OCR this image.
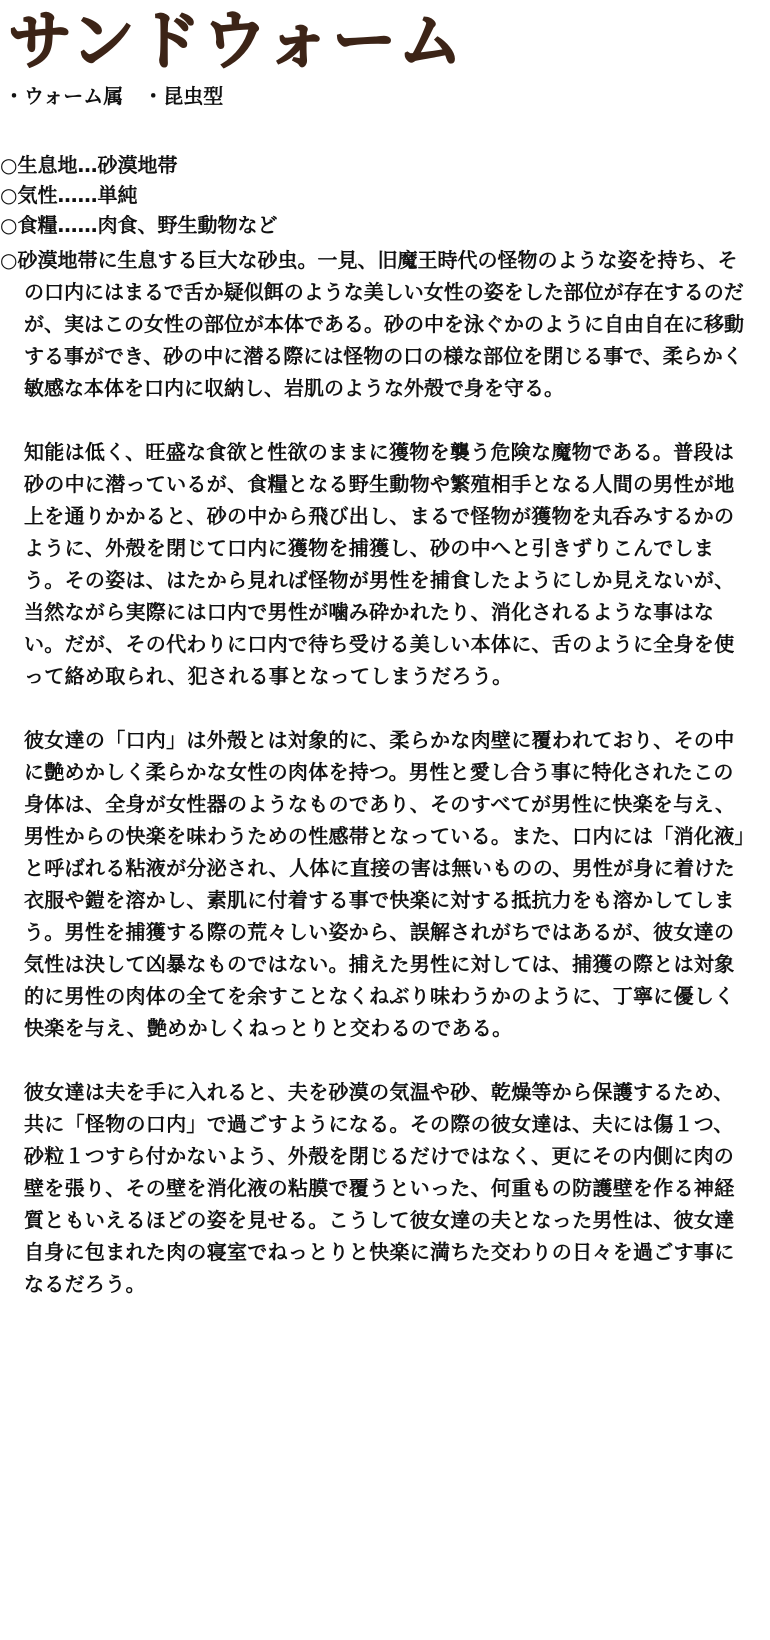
サンドウォーム
・ウォーム属　・昆虫型
○生息地…砂漠地帯
○気性……単純
○食糧……肉食、野生動物など

○砂漠地帯に生息する巨大な砂虫。一見、旧魔王時代の怪物のような姿を持ち、その口内にはまるで舌か疑似餌のような美しい女性の姿をした部位が存在するのだが、実はこの女性の部位が本体である。砂の中を泳ぐかのように自由自在に移動する事ができ、砂の中に潜る際には怪物の口の様な部位を閉じる事で、柔らかく敏感な本体を口内に収納し、岩肌のような外殻で身を守る。

知能は低く、旺盛な食欲と性欲のままに獲物を襲う危険な魔物である。普段は砂の中に潜っているが、食糧となる野生動物や繁殖相手となる人間の男性が地上を通りかかると、砂の中から飛び出し、まるで怪物が獲物を丸呑みするかのように、外殻を閉じて口内に獲物を捕獲し、砂の中へと引きずりこんでしまう。その姿は、はたから見れば怪物が男性を捕食したようにしか見えないが、当然ながら実際には口内で男性が噛み砕かれたり、消化されるような事はない。だが、その代わりに口内で待ち受ける美しい本体に、舌のように全身を使って絡め取られ、犯される事となってしまうだろう。

彼女達の「口内」は外殻とは対象的に、柔らかな肉壁に覆われており、その中に艶めかしく柔らかな女性の肉体を持つ。男性と愛し合う事に特化されたこの身体は、全身が女性器のようなものであり、そのすべてが男性に快楽を与え、男性からの快楽を味わうための性感帯となっている。また、口内には「消化液」と呼ばれる粘液が分泌され、人体に直接の害は無いものの、男性が身に着けた衣服や鎧を溶かし、素肌に付着する事で快楽に対する抵抗力をも溶かしてしまう。男性を捕獲する際の荒々しい姿から、誤解されがちではあるが、彼女達の気性は決して凶暴なものではない。捕えた男性に対しては、捕獲の際とは対象的に男性の肉体の全てを余すことなくねぶり味わうかのように、丁寧に優しく快楽を与え、艶めかしくねっとりと交わるのである。

彼女達は夫を手に入れると、夫を砂漠の気温や砂、乾燥等から保護するため、共に「怪物の口内」で過ごすようになる。その際の彼女達は、夫には傷１つ、砂粒１つすら付かないよう、外殻を閉じるだけではなく、更にその内側に肉の壁を張り、その壁を消化液の粘膜で覆うといった、何重もの防護壁を作る神経質ともいえるほどの姿を見せる。こうして彼女達の夫となった男性は、彼女達自身に包まれた肉の寝室でねっとりと快楽に満ちた交わりの日々を過ごす事になるだろう。
